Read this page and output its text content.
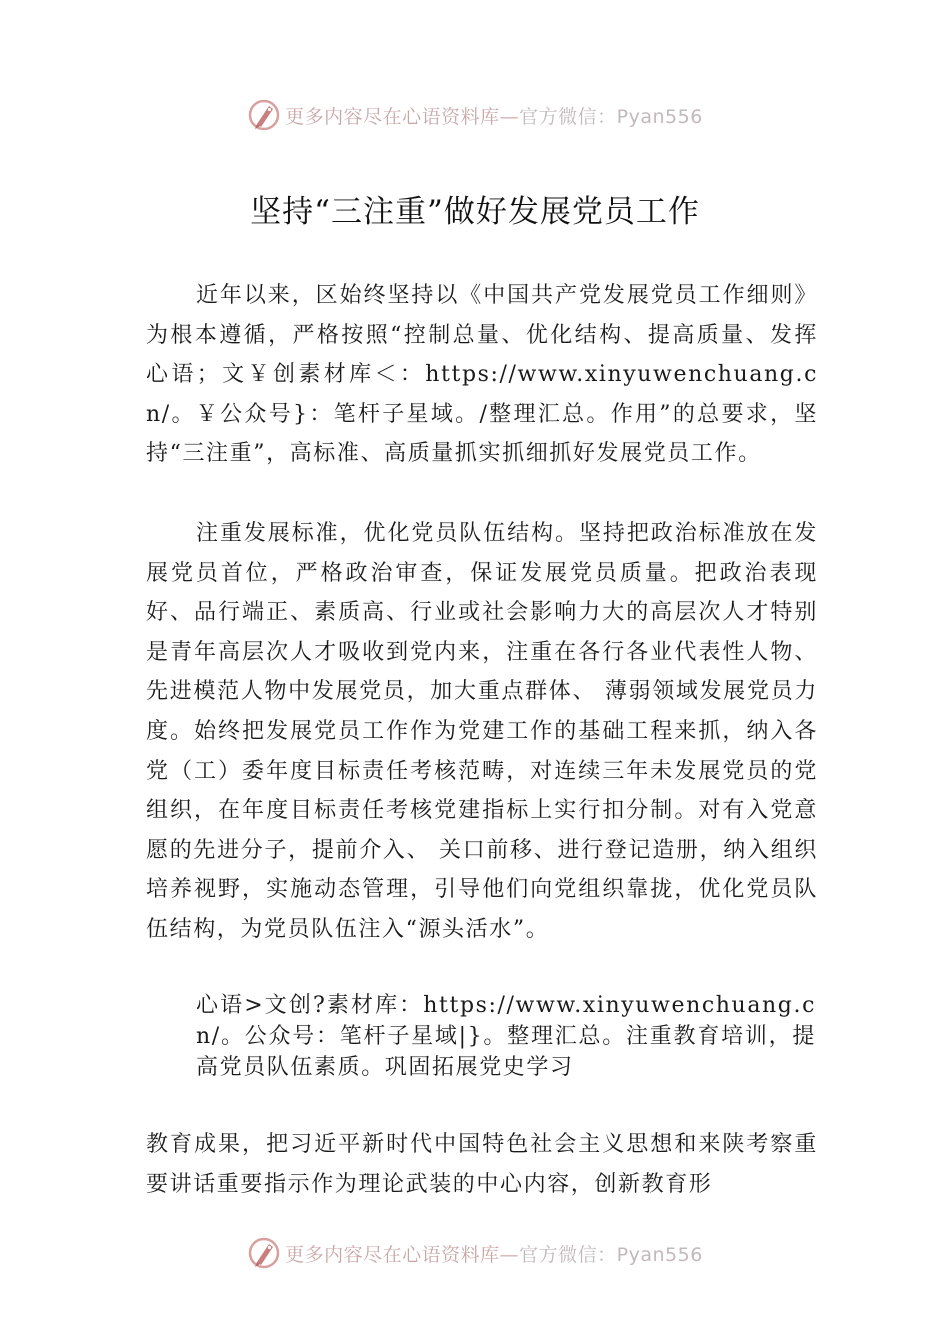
更多内容尽在心语资料库—官方微信：Pyan556
坚持“三注重”做好发展党员工作

近年以来，区始终坚持以《中国共产党发展党员工作细则》为根本遵循，严格按照“控制总量、优化结构、提高质量、发挥心语；文￥创素材库＜：https://www.xinyuwenchuang.cn/。￥公众号}：笔杆子星域。/整理汇总。作用”的总要求，坚持“三注重”，高标准、高质量抓实抓细抓好发展党员工作。

注重发展标准，优化党员队伍结构。坚持把政治标准放在发展党员首位，严格政治审查，保证发展党员质量。把政治表现好、品行端正、素质高、行业或社会影响力大的高层次人才特别是青年高层次人才吸收到党内来，注重在各行各业代表性人物、先进模范人物中发展党员，加大重点群体、 薄弱领域发展党员力度。始终把发展党员工作作为党建工作的基础工程来抓，纳入各党（工）委年度目标责任考核范畴，对连续三年未发展党员的党组织，在年度目标责任考核党建指标上实行扣分制。对有入党意愿的先进分子，提前介入、 关口前移、进行登记造册，纳入组织培养视野，实施动态管理，引导他们向党组织靠拢，优化党员队伍结构，为党员队伍注入“源头活水”。

心语>文创?素材库：https://www.xinyuwenchuang.cn/。公众号：笔杆子星域|}。整理汇总。注重教育培训，提高党员队伍素质。巩固拓展党史学习

教育成果，把习近平新时代中国特色社会主义思想和来陕考察重要讲话重要指示作为理论武装的中心内容，创新教育形

更多内容尽在心语资料库—官方微信：Pyan556
